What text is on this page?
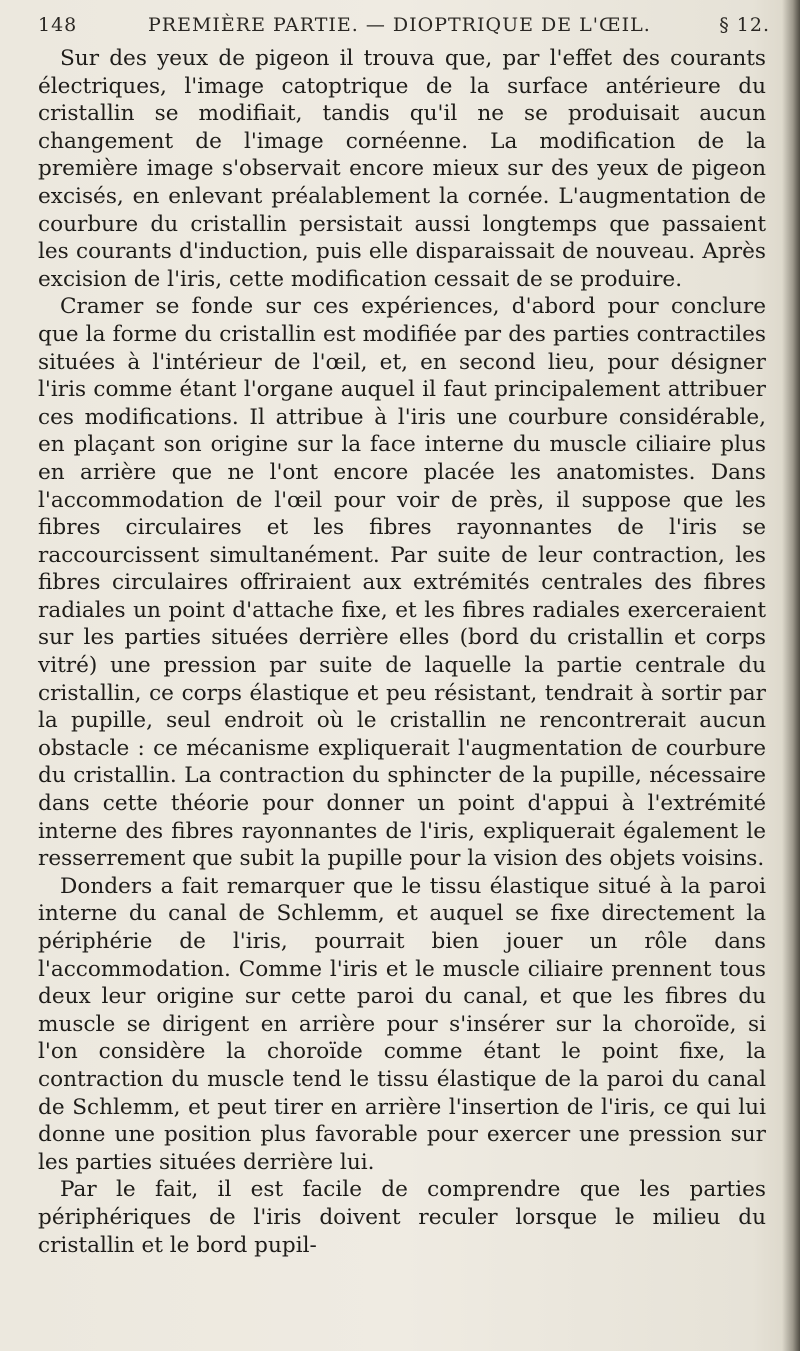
148	PREMIÈRE PARTIE. — DIOPTRIQUE DE L'ŒIL.	§ 12.

Sur des yeux de pigeon il trouva que, par l'effet des courants électriques, l'image catoptrique de la surface antérieure du cristallin se modifiait, tandis qu'il ne se produisait aucun changement de l'image cornéenne. La modification de la première image s'observait encore mieux sur des yeux de pigeon excisés, en enlevant préalablement la cornée. L'augmentation de courbure du cristallin persistait aussi longtemps que passaient les courants d'induction, puis elle disparaissait de nouveau. Après excision de l'iris, cette modification cessait de se produire.

Cramer se fonde sur ces expériences, d'abord pour conclure que la forme du cristallin est modifiée par des parties contractiles situées à l'intérieur de l'œil, et, en second lieu, pour désigner l'iris comme étant l'organe auquel il faut principalement attribuer ces modifications. Il attribue à l'iris une courbure considérable, en plaçant son origine sur la face interne du muscle ciliaire plus en arrière que ne l'ont encore placée les anatomistes. Dans l'accommodation de l'œil pour voir de près, il suppose que les fibres circulaires et les fibres rayonnantes de l'iris se raccourcissent simultanément. Par suite de leur contraction, les fibres circulaires offriraient aux extrémités centrales des fibres radiales un point d'attache fixe, et les fibres radiales exerceraient sur les parties situées derrière elles (bord du cristallin et corps vitré) une pression par suite de laquelle la partie centrale du cristallin, ce corps élastique et peu résistant, tendrait à sortir par la pupille, seul endroit où le cristallin ne rencontrerait aucun obstacle : ce mécanisme expliquerait l'augmentation de courbure du cristallin. La contraction du sphincter de la pupille, nécessaire dans cette théorie pour donner un point d'appui à l'extrémité interne des fibres rayonnantes de l'iris, expliquerait également le resserrement que subit la pupille pour la vision des objets voisins.

Donders a fait remarquer que le tissu élastique situé à la paroi interne du canal de Schlemm, et auquel se fixe directement la périphérie de l'iris, pourrait bien jouer un rôle dans l'accommodation. Comme l'iris et le muscle ciliaire prennent tous deux leur origine sur cette paroi du canal, et que les fibres du muscle se dirigent en arrière pour s'insérer sur la choroïde, si l'on considère la choroïde comme étant le point fixe, la contraction du muscle tend le tissu élastique de la paroi du canal de Schlemm, et peut tirer en arrière l'insertion de l'iris, ce qui lui donne une position plus favorable pour exercer une pression sur les parties situées derrière lui.

Par le fait, il est facile de comprendre que les parties périphériques de l'iris doivent reculer lorsque le milieu du cristallin et le bord pupil-
